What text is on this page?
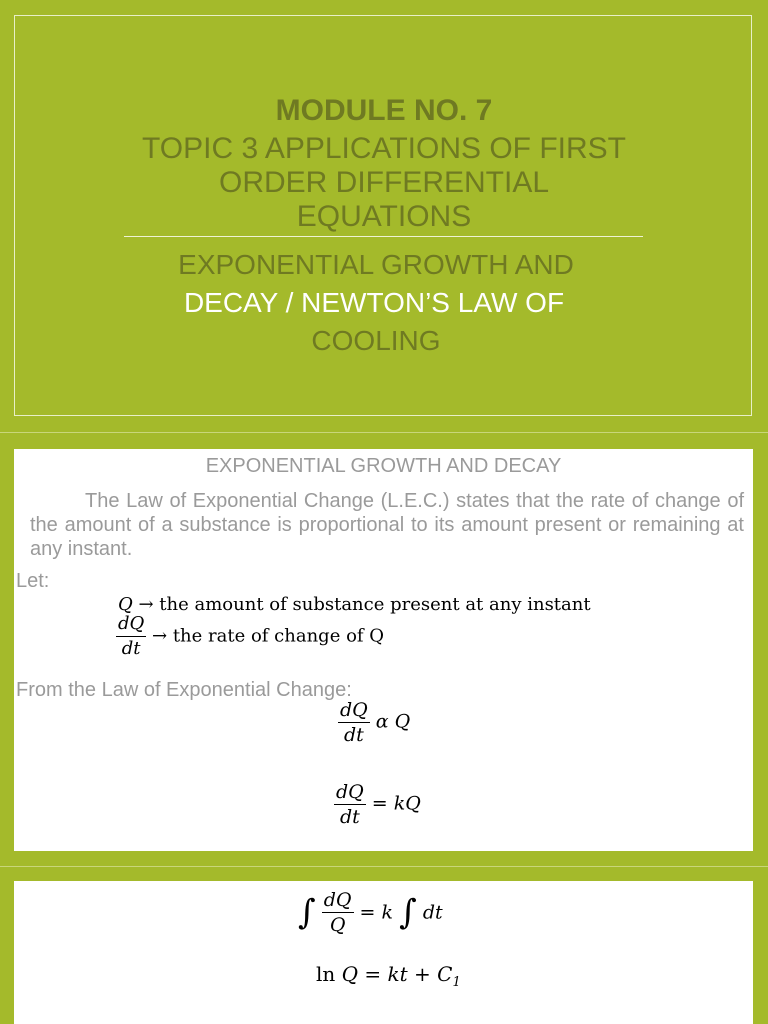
MODULE NO. 7
TOPIC 3 APPLICATIONS OF FIRST
ORDER DIFFERENTIAL
EQUATIONS
EXPONENTIAL GROWTH AND
DECAY / NEWTON’S LAW OF
COOLING
EXPONENTIAL GROWTH AND DECAY
The Law of Exponential Change (L.E.C.) states that the rate of change of the amount of a substance is proportional to its amount present or remaining at any instant.
Let:
Q → the amount of substance present at any instant
$\frac{dQ}{dt}$ → the rate of change of Q
From the Law of Exponential Change:
$\frac{dQ}{dt}$ α Q
$\frac{dQ}{dt}$ = kQ
∫ $\frac{dQ}{Q} = k$ ∫ dt
ln Q = kt + $C_1$
